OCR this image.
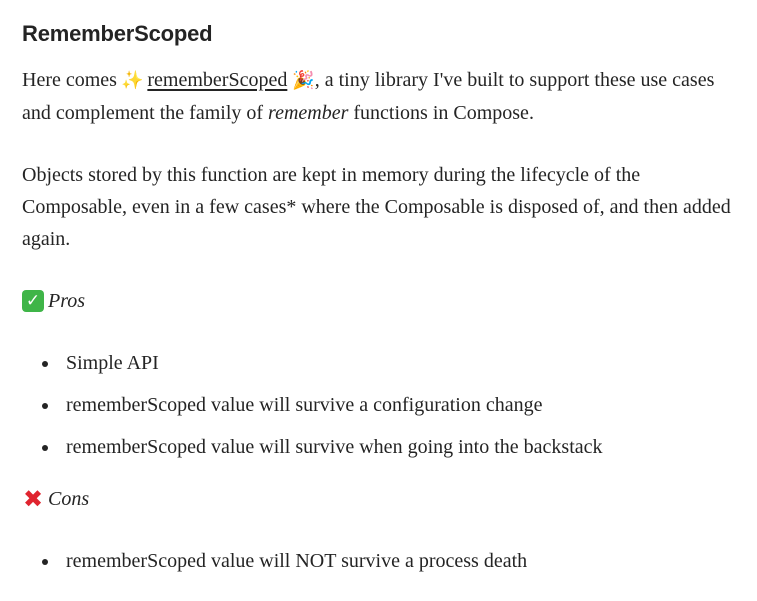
RememberScoped

Here comes ✨ rememberScoped 🎉, a tiny library I've built to support these use cases and complement the family of remember functions in Compose.

Objects stored by this function are kept in memory during the lifecycle of the Composable, even in a few cases* where the Composable is disposed of, and then added again.

✓ Pros
Simple API
rememberScoped value will survive a configuration change
rememberScoped value will survive when going into the backstack
✖ Cons
rememberScoped value will NOT survive a process death
